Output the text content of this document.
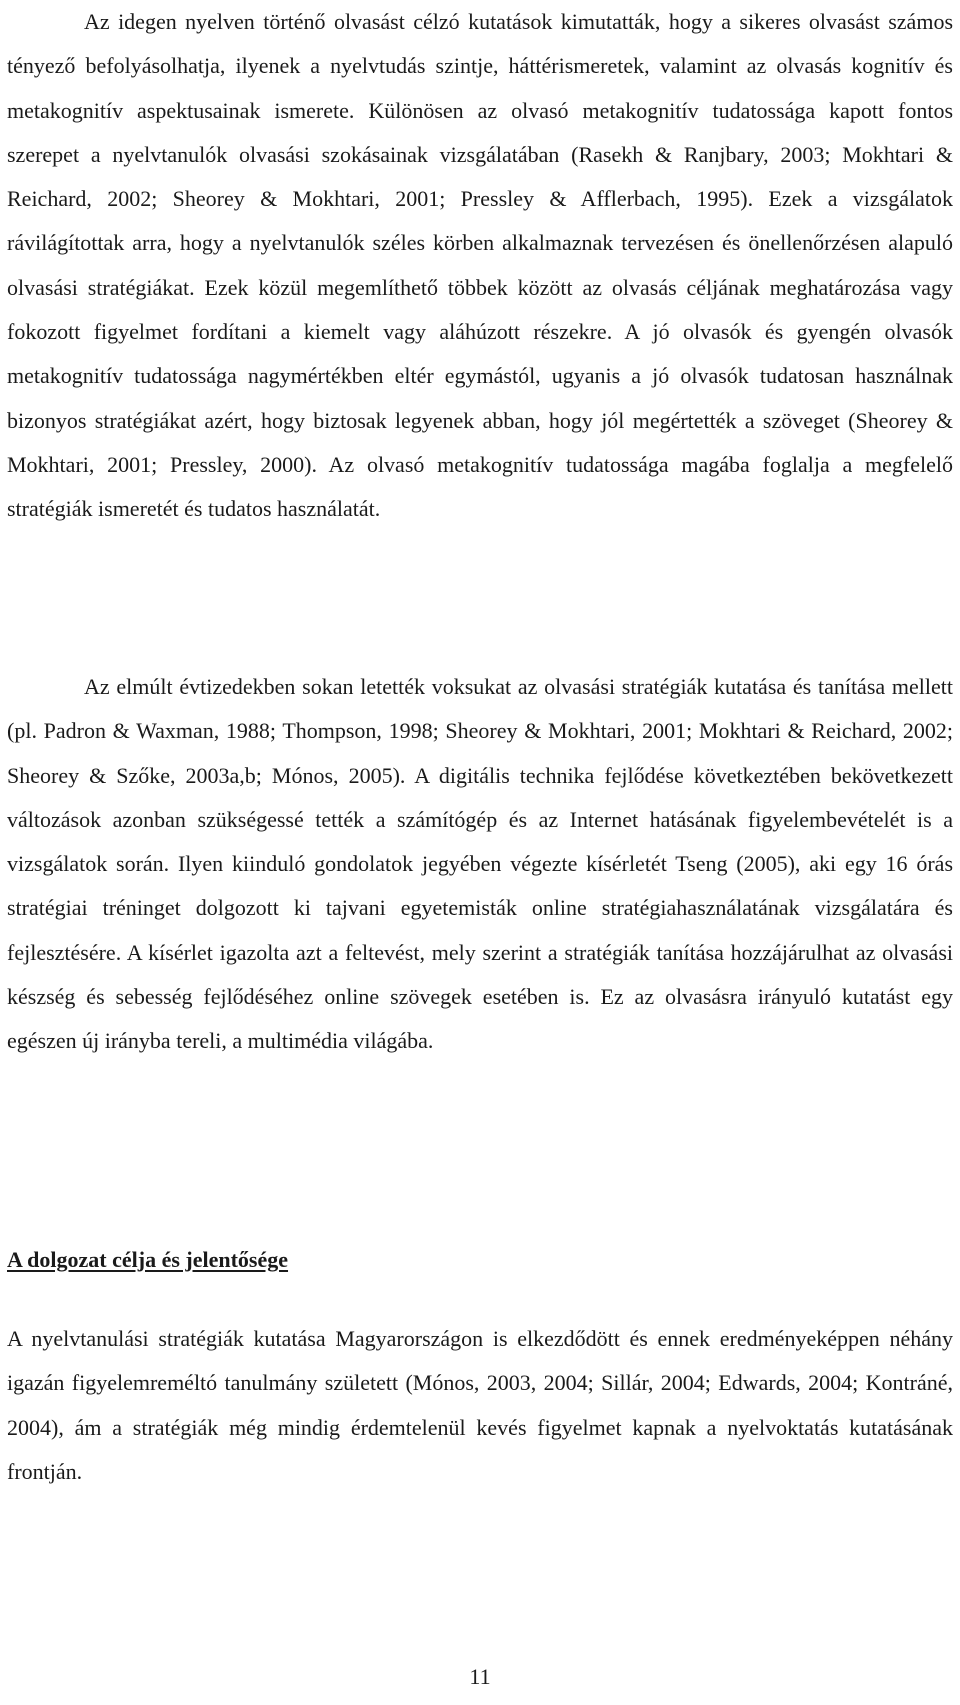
Az idegen nyelven történő olvasást célzó kutatások kimutatták, hogy a sikeres olvasást számos tényező befolyásolhatja, ilyenek a nyelvtudás szintje, háttérismeretek, valamint az olvasás kognitív és metakognitív aspektusainak ismerete. Különösen az olvasó metakognitív tudatossága kapott fontos szerepet a nyelvtanulók olvasási szokásainak vizsgálatában (Rasekh & Ranjbary, 2003; Mokhtari & Reichard, 2002; Sheorey & Mokhtari, 2001; Pressley & Afflerbach, 1995). Ezek a vizsgálatok rávilágítottak arra, hogy a nyelvtanulók széles körben alkalmaznak tervezésen és önellenőrzésen alapuló olvasási stratégiákat. Ezek közül megemlíthető többek között az olvasás céljának meghatározása vagy fokozott figyelmet fordítani a kiemelt vagy aláhúzott részekre. A jó olvasók és gyengén olvasók metakognitív tudatossága nagymértékben eltér egymástól, ugyanis a jó olvasók tudatosan használnak bizonyos stratégiákat azért, hogy biztosak legyenek abban, hogy jól megértették a szöveget (Sheorey & Mokhtari, 2001; Pressley, 2000). Az olvasó metakognitív tudatossága magába foglalja a megfelelő stratégiák ismeretét és tudatos használatát.

Az elmúlt évtizedekben sokan letették voksukat az olvasási stratégiák kutatása és tanítása mellett (pl. Padron & Waxman, 1988; Thompson, 1998; Sheorey & Mokhtari, 2001; Mokhtari & Reichard, 2002; Sheorey & Szőke, 2003a,b; Mónos, 2005). A digitális technika fejlődése következtében bekövetkezett változások azonban szükségessé tették a számítógép és az Internet hatásának figyelembevételét is a vizsgálatok során. Ilyen kiinduló gondolatok jegyében végezte kísérletét Tseng (2005), aki egy 16 órás stratégiai tréninget dolgozott ki tajvani egyetemisták online stratégiahasználatának vizsgálatára és fejlesztésére. A kísérlet igazolta azt a feltevést, mely szerint a stratégiák tanítása hozzájárulhat az olvasási készség és sebesség fejlődéséhez online szövegek esetében is. Ez az olvasásra irányuló kutatást egy egészen új irányba tereli, a multimédia világába.

A dolgozat célja és jelentősége

A nyelvtanulási stratégiák kutatása Magyarországon is elkezdődött és ennek eredményeképpen néhány igazán figyelemreméltó tanulmány született (Mónos, 2003, 2004; Sillár, 2004; Edwards, 2004; Kontráné, 2004), ám a stratégiák még mindig érdemtelenül kevés figyelmet kapnak a nyelvoktatás kutatásának frontján.

11
